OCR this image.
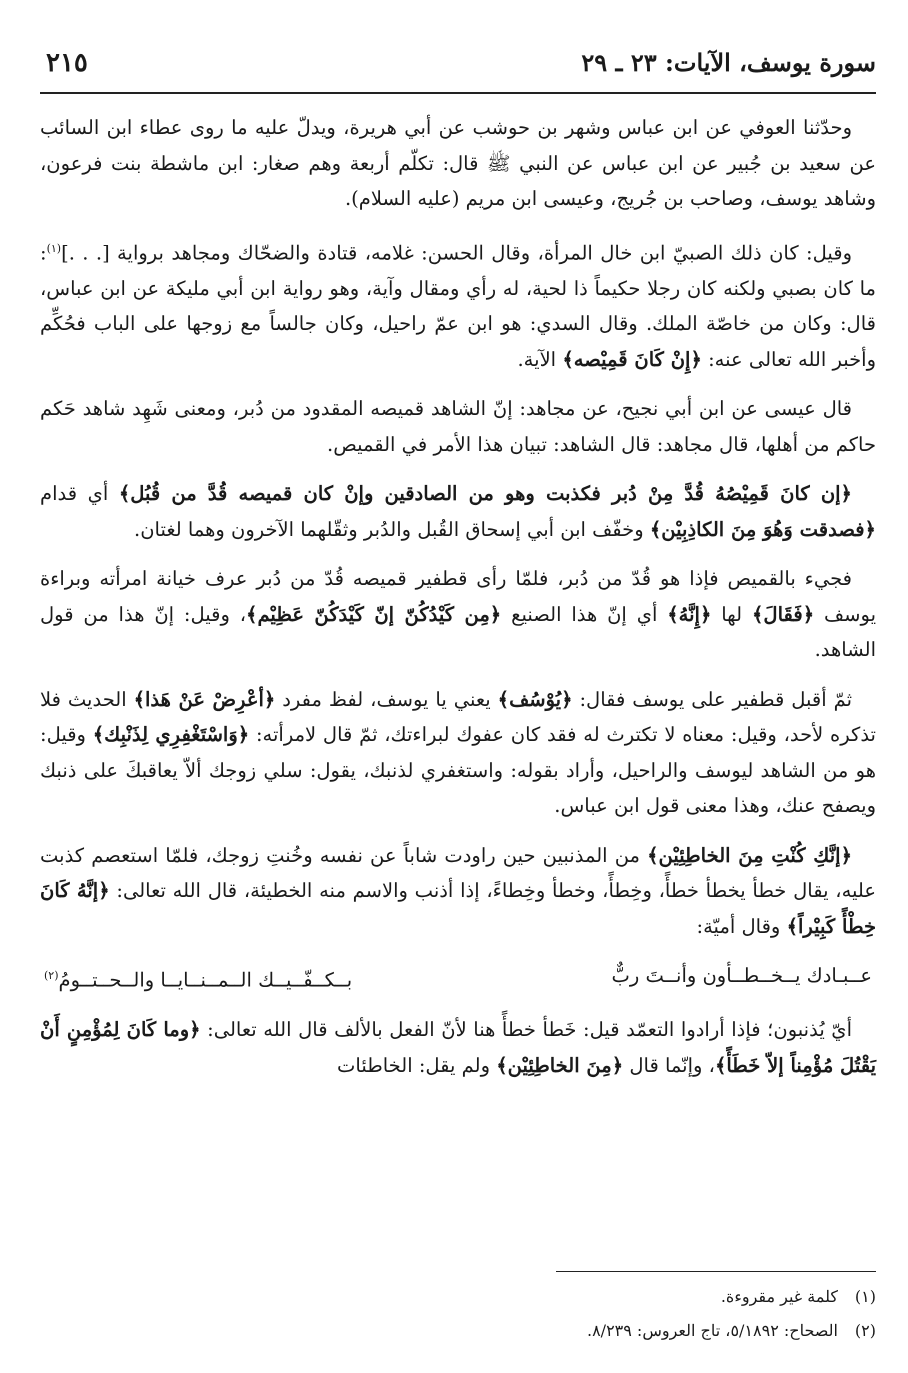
سورة يوسف، الآيات: ٢٣ ـ ٢٩
٢١٥

وحدّثنا العوفي عن ابن عباس وشهر بن حوشب عن أبي هريرة، ويدلّ عليه ما روى عطاء ابن السائب عن سعيد بن جُبير عن ابن عباس عن النبي ﷺ قال: تكلّم أربعة وهم صغار: ابن ماشطة بنت فرعون، وشاهد يوسف، وصاحب بن جُريج، وعيسى ابن مريم (عليه السلام).

وقيل: كان ذلك الصبيّ ابن خال المرأة، وقال الحسن: غلامه، قتادة والضحّاك ومجاهد برواية [. . .]$^{(١)}$: ما كان بصبي ولكنه كان رجلا حكيماً ذا لحية، له رأي ومقال وآية، وهو رواية ابن أبي مليكة عن ابن عباس، قال: وكان من خاصّة الملك. وقال السدي: هو ابن عمّ راحيل، وكان جالساً مع زوجها على الباب فحُكِّم وأخبر الله تعالى عنه: ﴿إِنْ كَانَ قَمِيْصه﴾ الآية.

قال عيسى عن ابن أبي نجيح، عن مجاهد: إنّ الشاهد قميصه المقدود من دُبر، ومعنى شَهِد شاهد حَكم حاكم من أهلها، قال مجاهد: قال الشاهد: تبيان هذا الأمر في القميص.

﴿إن كانَ قَمِيْصُهُ قُدَّ مِنْ دُبر فكذبت وهو من الصادقين وإنْ كان قميصه قُدَّ من قُبُل﴾ أي قدام ﴿فصدقت وَهُوَ مِنَ الكاذِبِيْن﴾ وخفّف ابن أبي إسحاق القُبل والدُبر وثقّلهما الآخرون وهما لغتان.

فجيء بالقميص فإذا هو قُدّ من دُبر، فلمّا رأى قطفير قميصه قُدّ من دُبر عرف خيانة امرأته وبراءة يوسف ﴿فَقَالَ﴾ لها ﴿إِنَّهُ﴾ أي إنّ هذا الصنيع ﴿مِن كَيْدُكُنّ إنّ كَيْدَكُنّ عَظِيْم﴾، وقيل: إنّ هذا من قول الشاهد.

ثمّ أقبل قطفير على يوسف فقال: ﴿يُوْسُف﴾ يعني يا يوسف، لفظ مفرد ﴿أعْرِضْ عَنْ هَذا﴾ الحديث فلا تذكره لأحد، وقيل: معناه لا تكترث له فقد كان عفوك لبراءتك، ثمّ قال لامرأته: ﴿وَاسْتَغْفِرِي لِذَنْبِك﴾ وقيل: هو من الشاهد ليوسف والراحيل، وأراد بقوله: واستغفري لذنبك، يقول: سلي زوجك ألاّ يعاقبكَ على ذنبك ويصفح عنك، وهذا معنى قول ابن عباس.

﴿إنَّكِ كُنْتِ مِنَ الخاطِئِيْن﴾ من المذنبين حين راودت شاباً عن نفسه وخُنتِ زوجك، فلمّا استعصم كذبت عليه، يقال خطأ يخطأ خطأً، وخِطأً، وخطأ وخِطاءً، إذا أذنب والاسم منه الخطيئة، قال الله تعالى: ﴿إنَّهُ كَانَ خِطْأً كَبِيْراً﴾ وقال أميّة:

عــبـادك يــخــطــأون وأنــتَ ربٌّ
بــكــفّــيــك الــمــنــايــا والــحــتــومُ$^{(٢)}$

أيّ يُذنبون؛ فإذا أرادوا التعمّد قيل: خَطأ خطأً هنا لأنّ الفعل بالألف قال الله تعالى: ﴿وما كَانَ لِمُؤْمِنٍ أَنْ يَقْتُلَ مُؤْمِناً إلاّ خَطَأً﴾، وإنّما قال ﴿مِنَ الخاطِئِيْن﴾ ولم يقل: الخاطئات

(١)كلمة غير مقروءة.
(٢)الصحاح: ٥/١٨٩٢، تاج العروس: ٨/٢٣٩.
